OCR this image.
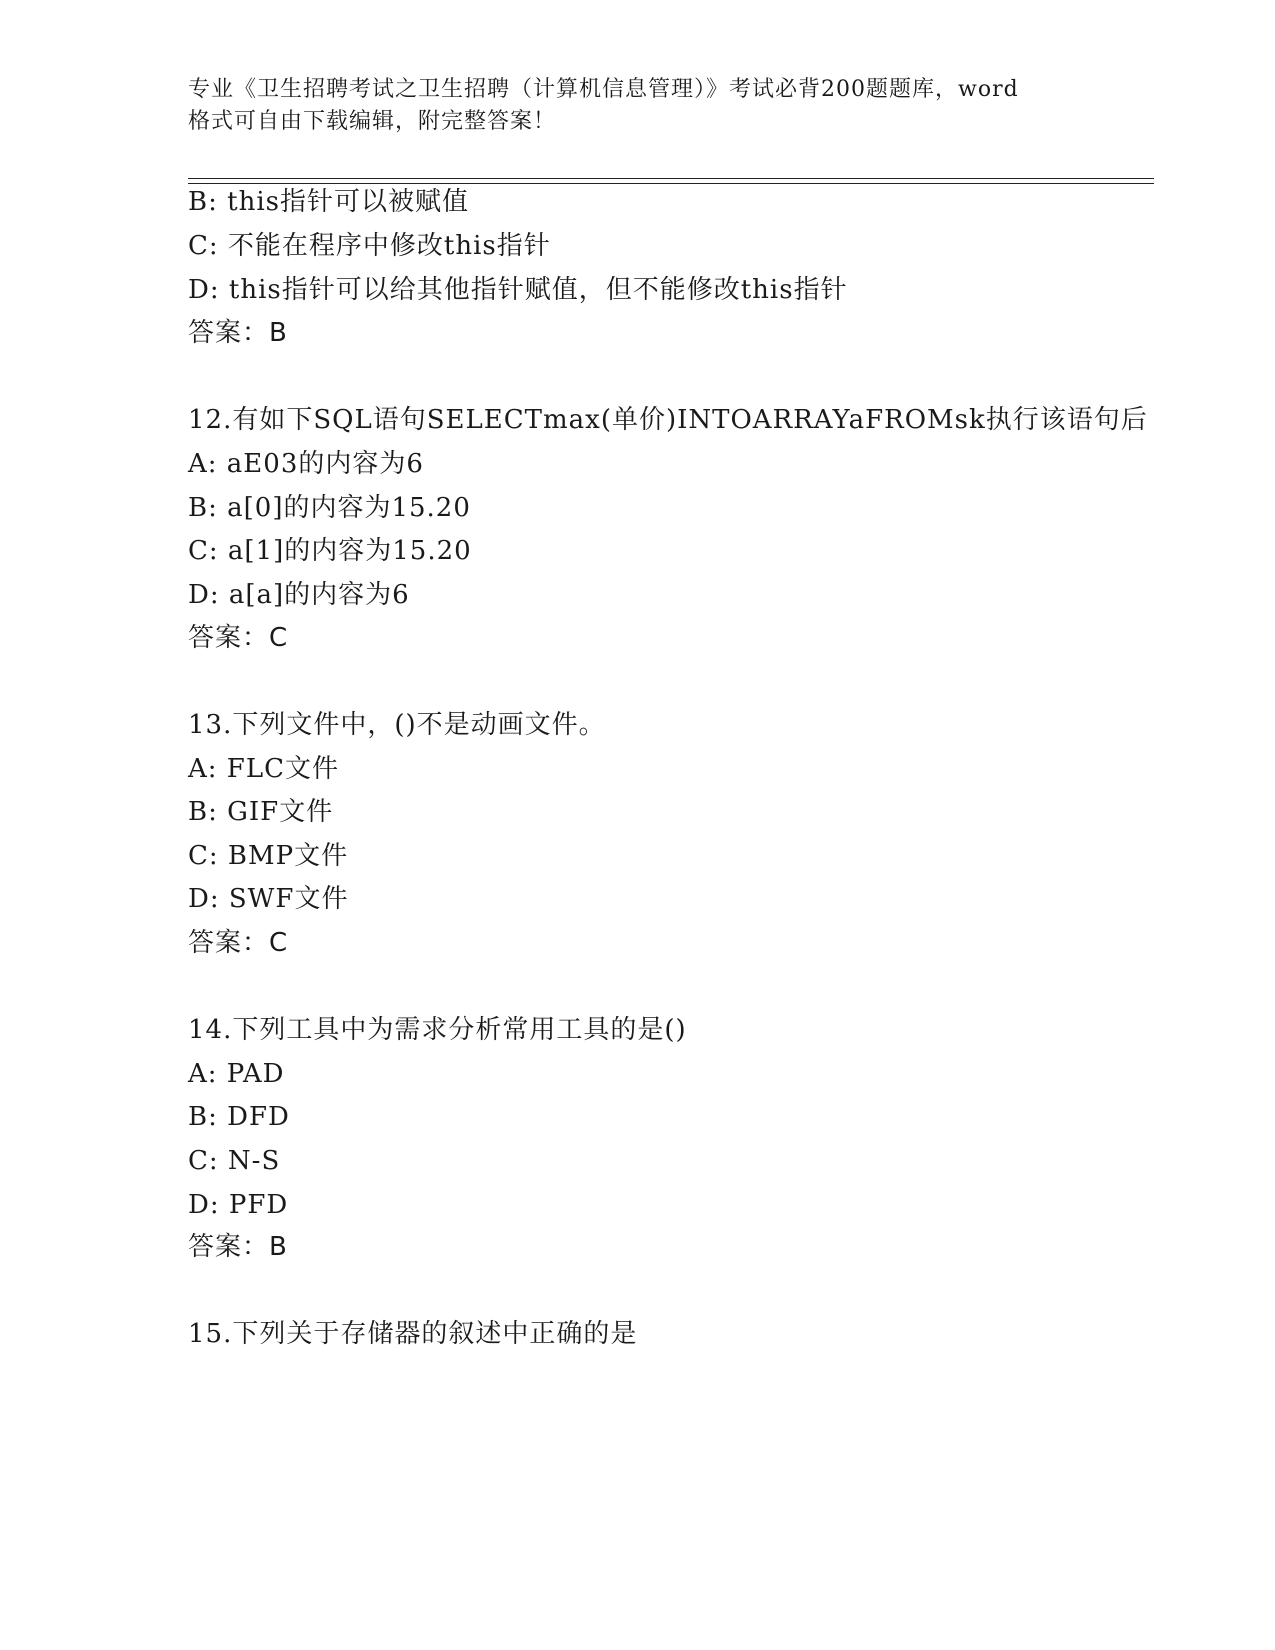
专业《卫生招聘考试之卫生招聘（计算机信息管理）》考试必背200题题库，word
格式可自由下载编辑，附完整答案！
B: this指针可以被赋值
C: 不能在程序中修改this指针
D: this指针可以给其他指针赋值，但不能修改this指针
答案：B
12.有如下SQL语句SELECTmax(单价)INTOARRAYaFROMsk执行该语句后
A: aE03的内容为6
B: a[0]的内容为15.20
C: a[1]的内容为15.20
D: a[a]的内容为6
答案：C
13.下列文件中，()不是动画文件。
A: FLC文件
B: GIF文件
C: BMP文件
D: SWF文件
答案：C
14.下列工具中为需求分析常用工具的是()
A: PAD
B: DFD
C: N-S
D: PFD
答案：B
15.下列关于存储器的叙述中正确的是
